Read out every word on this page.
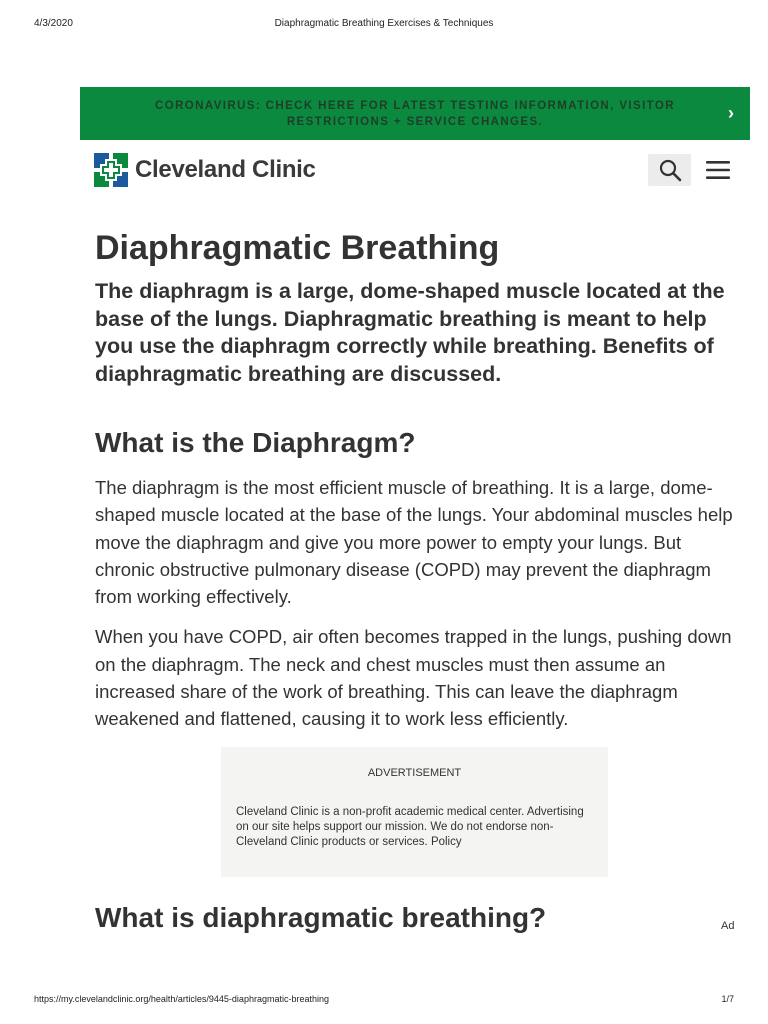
4/3/2020	Diaphragmatic Breathing Exercises & Techniques
CORONAVIRUS: CHECK HERE FOR LATEST TESTING INFORMATION, VISITOR RESTRICTIONS + SERVICE CHANGES.	›
Cleveland Clinic
Diaphragmatic Breathing

The diaphragm is a large, dome-shaped muscle located at the base of the lungs. Diaphragmatic breathing is meant to help you use the diaphragm correctly while breathing. Benefits of diaphragmatic breathing are discussed.

What is the Diaphragm?

The diaphragm is the most efficient muscle of breathing. It is a large, dome-shaped muscle located at the base of the lungs. Your abdominal muscles help move the diaphragm and give you more power to empty your lungs. But chronic obstructive pulmonary disease (COPD) may prevent the diaphragm from working effectively.

When you have COPD, air often becomes trapped in the lungs, pushing down on the diaphragm. The neck and chest muscles must then assume an increased share of the work of breathing. This can leave the diaphragm weakened and flattened, causing it to work less efficiently.

ADVERTISEMENT
Cleveland Clinic is a non-profit academic medical center. Advertising on our site helps support our mission. We do not endorse non-Cleveland Clinic products or services. Policy
What is diaphragmatic breathing?	Ad
https://my.clevelandclinic.org/health/articles/9445-diaphragmatic-breathing	1/7
